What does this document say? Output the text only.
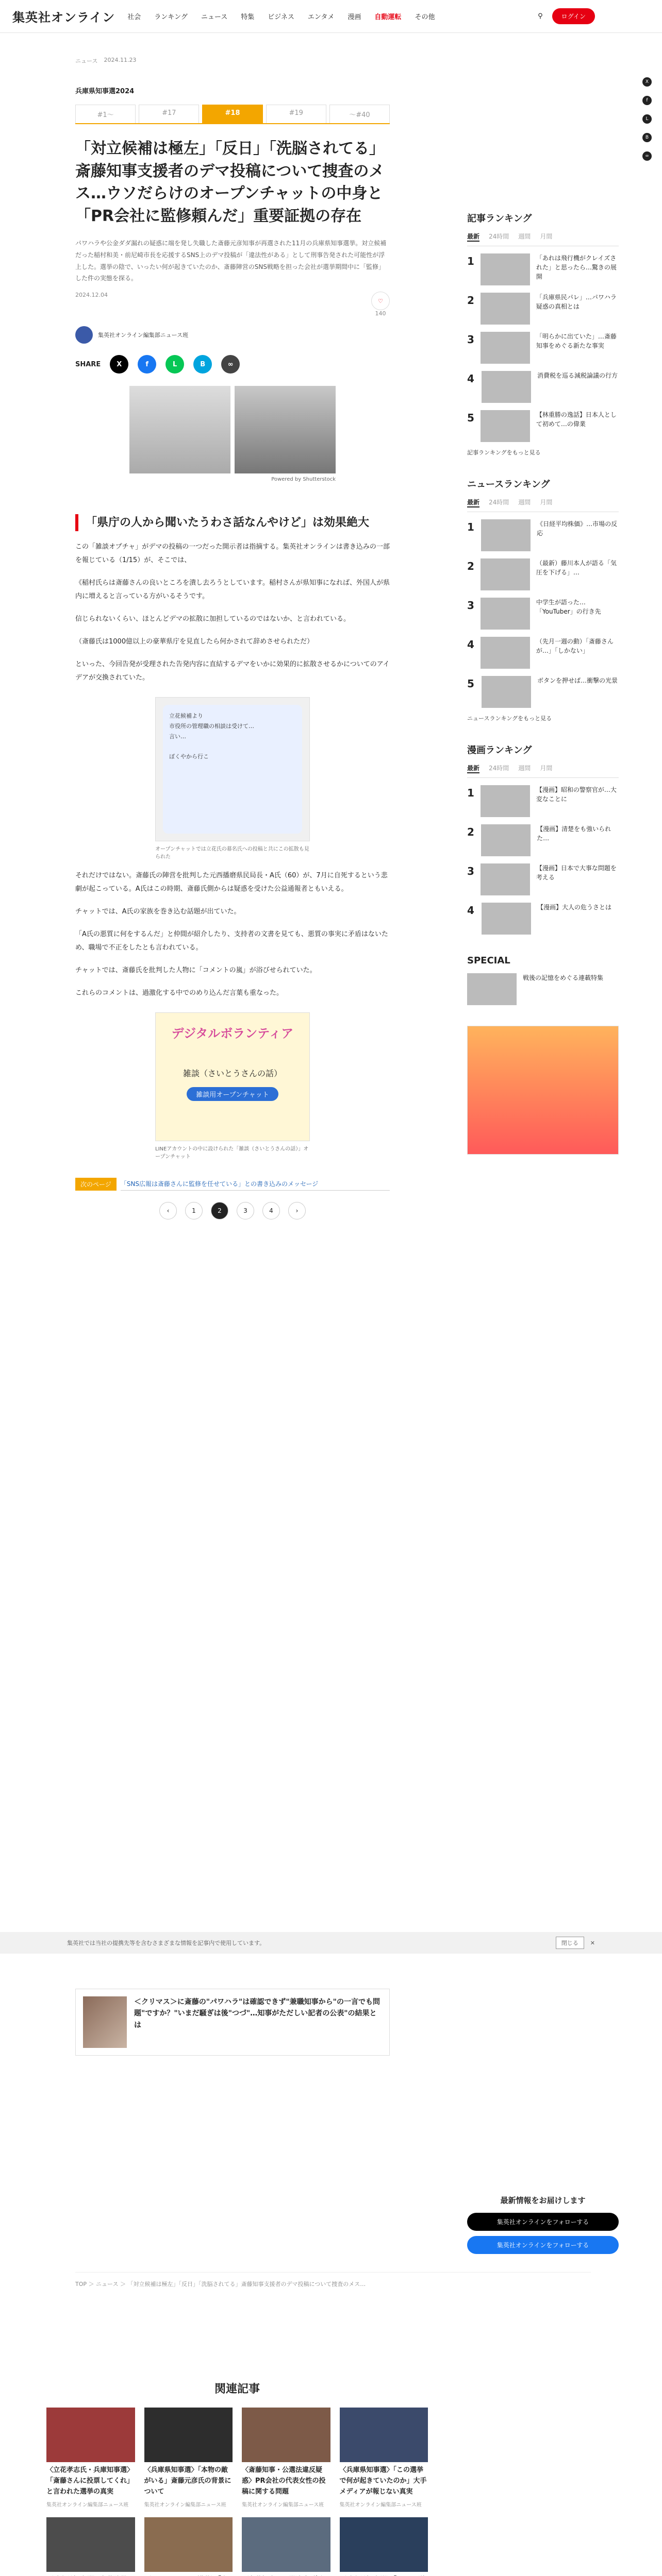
集英社オンライン 社会 ランキング ニュース 特集 ビジネス エンタメ 漫画 自動運転 その他	⚲	ログイン
X
f
L
B
∞
ニュース 2024.11.23
兵庫県知事選2024
#1～	#17	#18	#19	～#40
「対立候補は極左」「反日」「洗脳されてる」斎藤知事支援者のデマ投稿について捜査のメス…ウソだらけのオープンチャットの中身と「PR会社に監修頼んだ」重要証拠の存在

パワハラや公金ダダ漏れの疑惑に端を発し失職した斎藤元彦知事が再選された11月の兵庫県知事選挙。対立候補だった稲村和美・前尼崎市長を応援するSNS上のデマ投稿が「違法性がある」として刑事告発された可能性が浮上した。選挙の陰で、いったい何が起きていたのか、斎藤陣営のSNS戦略を担った会社が選挙期間中に「監修」した件の実態を探る。

2024.12.04
♡
140
集英社オンライン編集部ニュース班
SHARE	X	f	L	B	∞
Powered by Shutterstock
「県庁の人から聞いたうわさ話なんやけど」は効果絶大

この「雑談オプチャ」がデマの投稿の一つだった開示者は指摘する。集英社オンラインは書き込みの一部を報じている（1/15）が、そこでは、

《稲村氏らは斎藤さんの良いところを潰し去ろうとしています。稲村さんが県知事になれば、外国人が県内に増えると言っている方がいるそうです。

信じられないくらい、ほとんどデマの拡散に加担しているのではないか、と言われている。

（斎藤氏は1000億以上の豪華県庁を見直したら何かされて辞めさせられただ）

といった、今回告発が受理された告発内容に直結するデマをいかに効果的に拡散させるかについてのアイデアが交換されていた。

立花候補より
市役所の管理職の相談は受けて…
言い…

ぼくやから行こ
オープンチャットでは立花氏の幕名氏への投稿と共にこの拡散も見られた

それだけではない。斎藤氏の陣営を批判した元西播磨県民局長・A氏（60）が、7月に自死するという悲劇が起こっている。A氏はこの時期、斎藤氏側からは疑惑を受けた公益通報者ともいえる。

チャットでは、A氏の家族を巻き込む話題が出ていた。

「A氏の悪質に何をするんだ」と仲間が紹介したり、支持者の文書を見ても、悪質の事実に矛盾はないため、職場で不正をしたとも言われている。

チャットでは、斎藤氏を批判した人物に「コメントの嵐」が浴びせられていた。

これらのコメントは、過激化する中でのめり込んだ言葉も重なった。

デジタルボランティア
雑談（さいとうさんの話）
雑談用オープンチャット
LINEアカウントの中に設けられた「雑談（さいとうさんの話）」オープンチャット
次のページ	「SNS広報は斎藤さんに監修を任せている」との書き込みのメッセージ
‹	1	2	3	4	›
記事ランキング
最新 24時間 週間 月間
1	「あれは飛行機がクレイズされた」と思ったら…驚きの展開
2	「兵庫県民パレ」…パワハラ疑惑の真相とは
3	「明らかに出ていた」…斎藤知事をめぐる新たな事実
4	消費税を巡る減税論議の行方
5	【林重勝の逸話】日本人として初めて…の偉業
記事ランキングをもっと見る
ニュースランキング
最新 24時間 週間 月間
1	《日経平均株価》…市場の反応
2	（最新）藤川本人が語る「気圧を下げる」…
3	中学生が語った…「YouTuber」の行き先
4	（先月一週の動）「斎藤さんが…」「しかない」
5	ボタンを押せば…衝撃の光景
ニュースランキングをもっと見る
漫画ランキング
最新 24時間 週間 月間
1	【漫画】昭和の警察官が…大変なことに
2	【漫画】清楚をも強いられた…
3	【漫画】日本で大事な問題を考える
4	【漫画】大人の危うさとは
SPECIAL
戦後の記憶をめぐる連載特集
集英社では当社の提携先等を含むさまざまな情報を記事内で使用しています。	閉じる	✕
＜クリマス＞に斎藤の"パワハラ"は確認できず"兼職知事から"の一言でも問題"ですか？"いまだ騒ぎは後"つづ"…知事がただしい記者の公表"の結果とは
最新情報をお届けします
集英社オンラインをフォローする
集英社オンラインをフォローする
TOP ＞ ニュース ＞ 「対立候補は極左」「反日」「洗脳されてる」斎藤知事支援者のデマ投稿について捜査のメス…
関連記事
〈立花孝志氏・兵庫知事選〉「斎藤さんに投票してくれ」と言われた選挙の真実
集英社オンライン編集部ニュース班
〈兵庫県知事選〉「本物の敵がいる」斎藤元彦氏の背景について
集英社オンライン編集部ニュース班
〈斎藤知事・公選法違反疑惑〉PR会社の代表女性の投稿に関する問題
集英社オンライン編集部ニュース班
〈兵庫県知事選〉「この選挙で何が起きていたのか」大手メディアが報じない真実
集英社オンライン編集部ニュース班
